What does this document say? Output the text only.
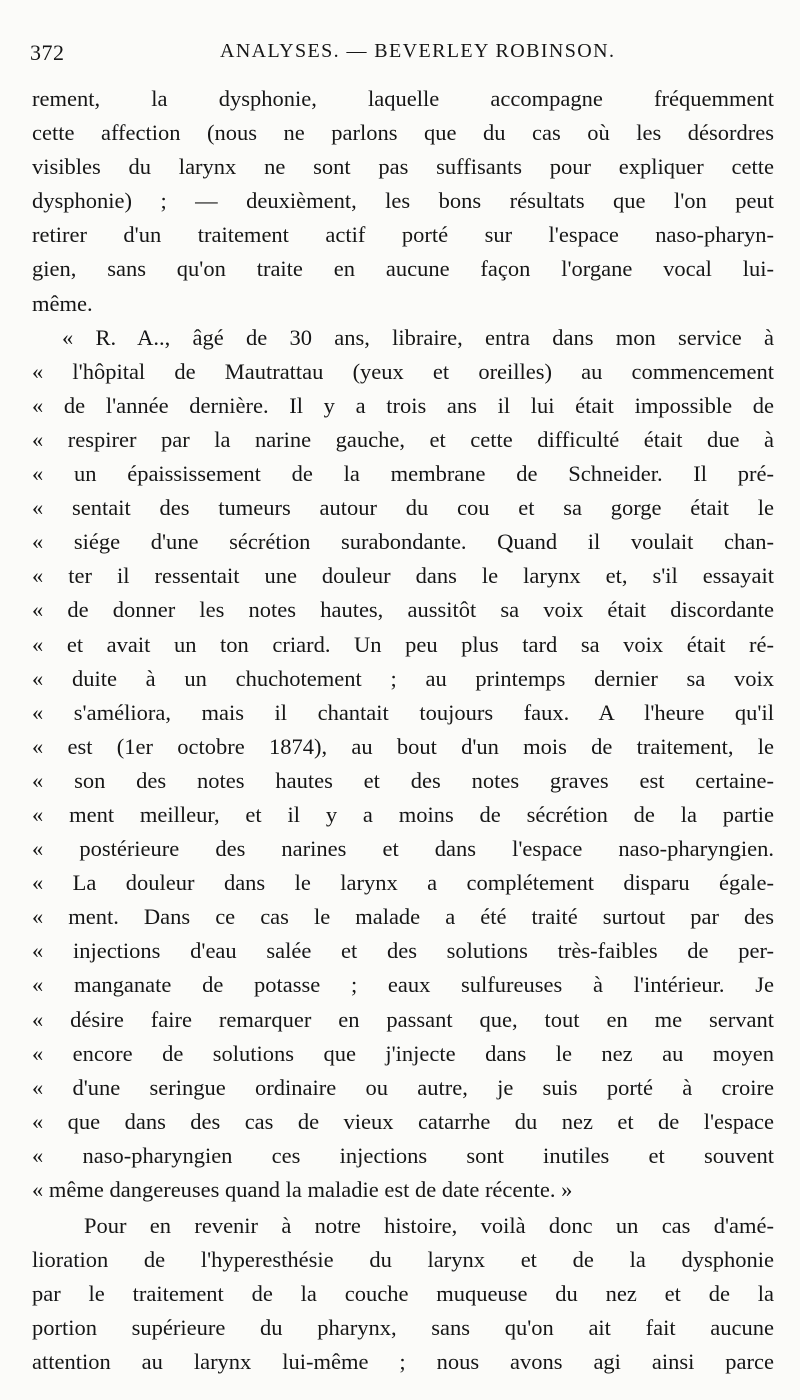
372	ANALYSES. — BEVERLEY ROBINSON.
rement, la dysphonie, laquelle accompagne fréquemment
cette affection (nous ne parlons que du cas où les désordres
visibles du larynx ne sont pas suffisants pour expliquer cette
dysphonie) ; — deuxièment, les bons résultats que l'on peut
retirer d'un traitement actif porté sur l'espace naso-pharyn-
gien, sans qu'on traite en aucune façon l'organe vocal lui-
même.
« R. A.., âgé de 30 ans, libraire, entra dans mon service à
« l'hôpital de Mautrattau (yeux et oreilles) au commencement
« de l'année dernière. Il y a trois ans il lui était impossible de
« respirer par la narine gauche, et cette difficulté était due à
« un épaississement de la membrane de Schneider. Il pré-
« sentait des tumeurs autour du cou et sa gorge était le
« siége d'une sécrétion surabondante. Quand il voulait chan-
« ter il ressentait une douleur dans le larynx et, s'il essayait
« de donner les notes hautes, aussitôt sa voix était discordante
« et avait un ton criard. Un peu plus tard sa voix était ré-
« duite à un chuchotement ; au printemps dernier sa voix
« s'améliora, mais il chantait toujours faux. A l'heure qu'il
« est (1er octobre 1874), au bout d'un mois de traitement, le
« son des notes hautes et des notes graves est certaine-
« ment meilleur, et il y a moins de sécrétion de la partie
« postérieure des narines et dans l'espace naso-pharyngien.
« La douleur dans le larynx a complétement disparu égale-
« ment. Dans ce cas le malade a été traité surtout par des
« injections d'eau salée et des solutions très-faibles de per-
« manganate de potasse ; eaux sulfureuses à l'intérieur. Je
« désire faire remarquer en passant que, tout en me servant
« encore de solutions que j'injecte dans le nez au moyen
« d'une seringue ordinaire ou autre, je suis porté à croire
« que dans des cas de vieux catarrhe du nez et de l'espace
« naso-pharyngien ces injections sont inutiles et souvent
« même dangereuses quand la maladie est de date récente. »
Pour en revenir à notre histoire, voilà donc un cas d'amé-
lioration de l'hyperesthésie du larynx et de la dysphonie
par le traitement de la couche muqueuse du nez et de la
portion supérieure du pharynx, sans qu'on ait fait aucune
attention au larynx lui-même ; nous avons agi ainsi parce
